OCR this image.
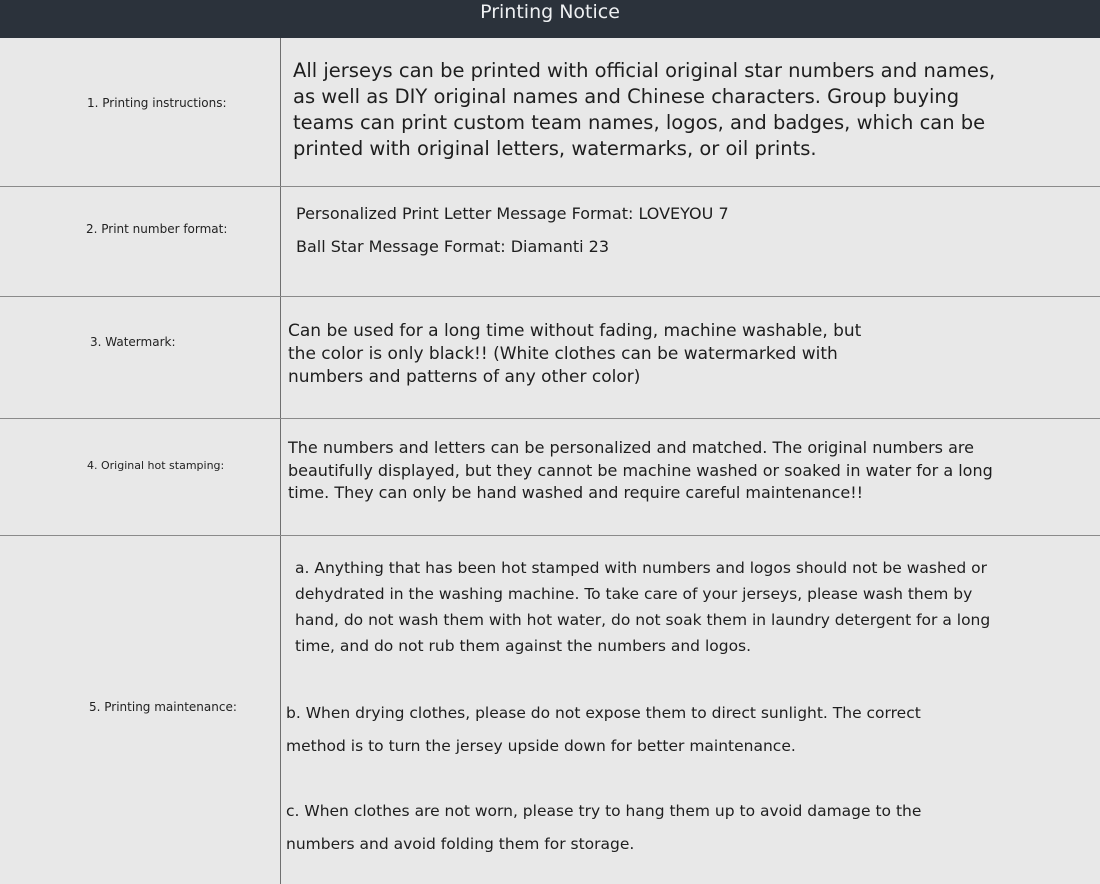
Printing Notice
1. Printing instructions:

All jerseys can be printed with official original star numbers and names, as well as DIY original names and Chinese characters. Group buying teams can print custom team names, logos, and badges, which can be printed with original letters, watermarks, or oil prints.

2. Print number format:

Personalized Print Letter Message Format: LOVEYOU 7

Ball Star Message Format: Diamanti 23

3. Watermark:

Can be used for a long time without fading, machine washable, but the color is only black!! (White clothes can be watermarked with numbers and patterns of any other color)

4. Original hot stamping:

The numbers and letters can be personalized and matched. The original numbers are beautifully displayed, but they cannot be machine washed or soaked in water for a long time. They can only be hand washed and require careful maintenance!!

5. Printing maintenance:

a. Anything that has been hot stamped with numbers and logos should not be washed or dehydrated in the washing machine. To take care of your jerseys, please wash them by hand, do not wash them with hot water, do not soak them in laundry detergent for a long time, and do not rub them against the numbers and logos.

b. When drying clothes, please do not expose them to direct sunlight. The correct method is to turn the jersey upside down for better maintenance.

c. When clothes are not worn, please try to hang them up to avoid damage to the numbers and avoid folding them for storage.
